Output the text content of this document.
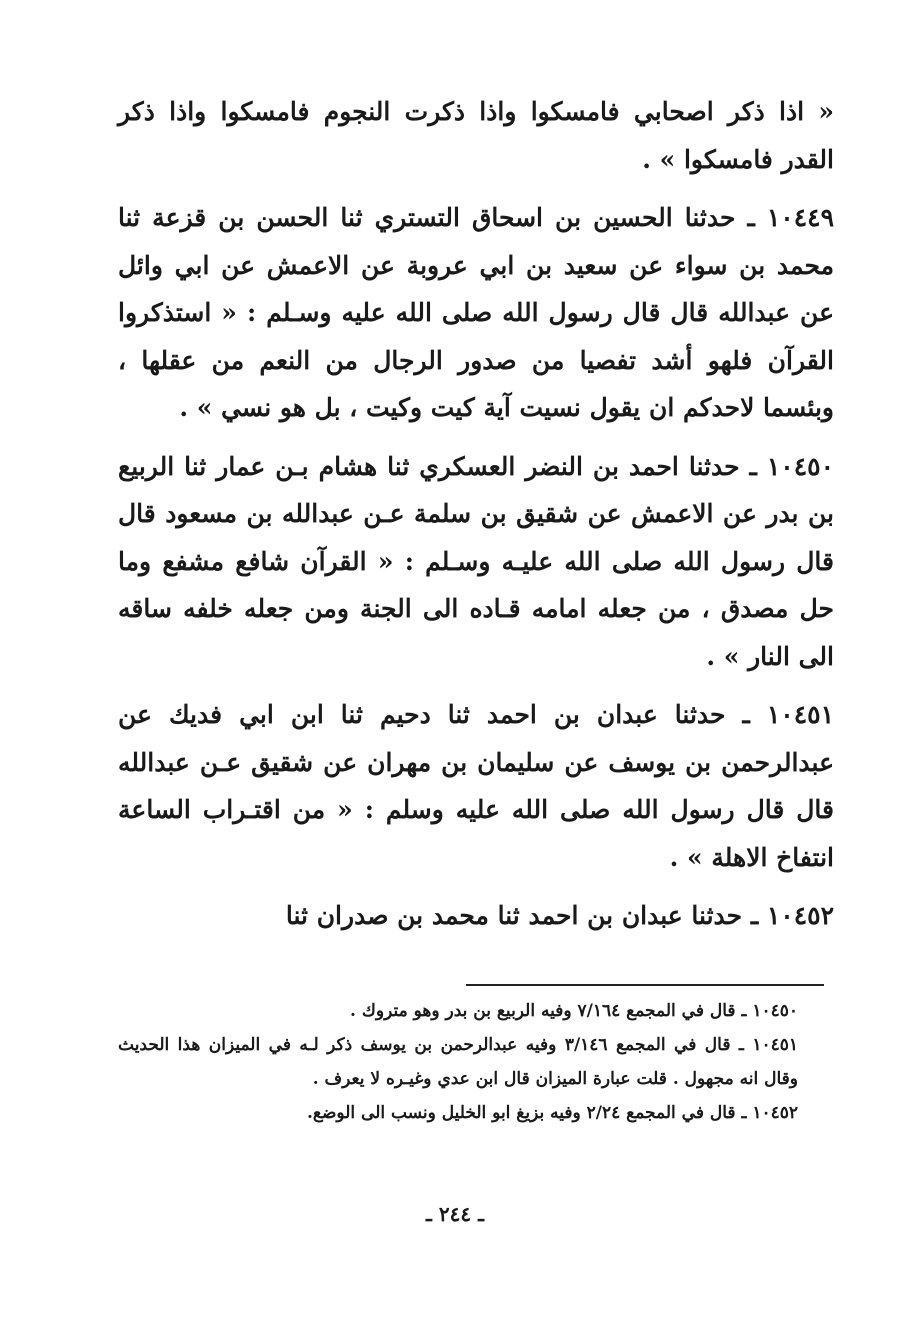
« اذا ذكر اصحابي فامسكوا واذا ذكرت النجوم فامسكوا واذا ذكر القدر فامسكوا » .

١٠٤٤٩ ـ حدثنا الحسين بن اسحاق التستري ثنا الحسن بن قزعة ثنا محمد بن سواء عن سعيد بن ابي عروبة عن الاعمش عن ابي وائل عن عبدالله قال قال رسول الله صلى الله عليه وسـلم : « استذكروا القرآن فلهو أشد تفصيا من صدور الرجال من النعم من عقلها ، وبئسما لاحدكم ان يقول نسيت آية كيت وكيت ، بل هو نسي » .

١٠٤٥٠ ـ حدثنا احمد بن النضر العسكري ثنا هشام بـن عمار ثنا الربيع بن بدر عن الاعمش عن شقيق بن سلمة عـن عبدالله بن مسعود قال قال رسول الله صلى الله عليـه وسـلم : « القرآن شافع مشفع وما حل مصدق ، من جعله امامه قـاده الى الجنة ومن جعله خلفه ساقه الى النار » .

١٠٤٥١ ـ حدثنا عبدان بن احمد ثنا دحيم ثنا ابن ابي فديك عن عبدالرحمن بن يوسف عن سليمان بن مهران عن شقيق عـن عبدالله قال قال رسول الله صلى الله عليه وسلم : « من اقتـراب الساعة انتفاخ الاهلة » .

١٠٤٥٢ ـ حدثنا عبدان بن احمد ثنا محمد بن صدران ثنا

١٠٤٥٠ ـ قال في المجمع ٧/١٦٤ وفيه الربيع بن بدر وهو متروك .

١٠٤٥١ ـ قال في المجمع ٣/١٤٦ وفيه عبدالرحمن بن يوسف ذكر لـه في الميزان هذا الحديث وقال انه مجهول . قلت عبارة الميزان قال ابن عدي وغيـره لا يعرف .

١٠٤٥٢ ـ قال في المجمع ٢/٢٤ وفيه بزيغ ابو الخليل ونسب الى الوضع.

ـ ٢٤٤ ـ
